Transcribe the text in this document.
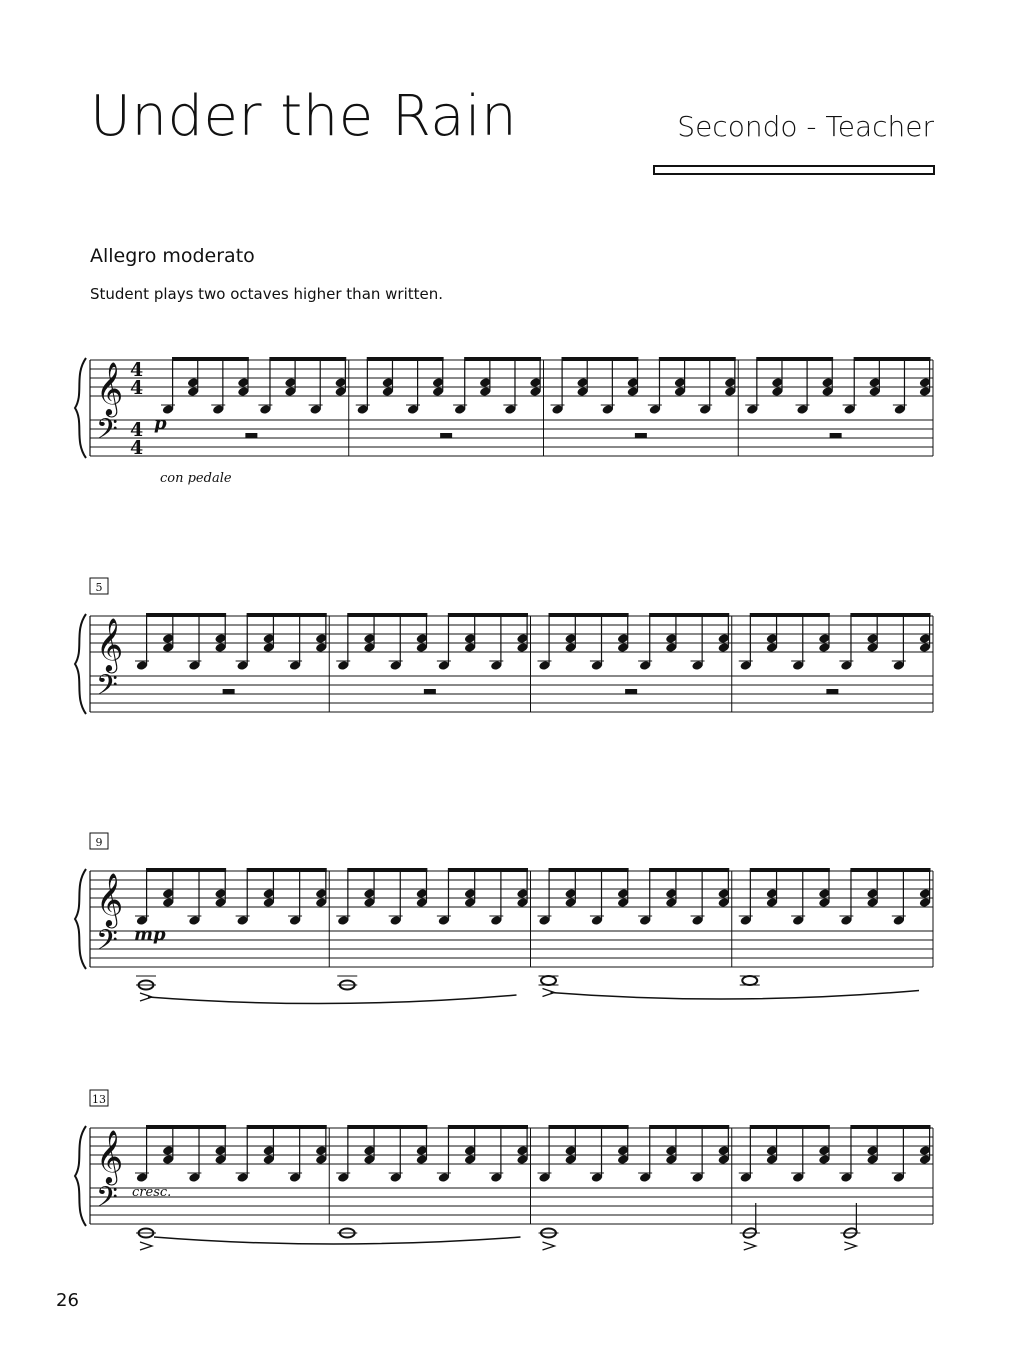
Under the Rain	Secondo - Teacher
Allegro moderato
Student plays two octaves higher than written.
𝄞
𝄢
4
4
4
4
p
con pedale
𝄞
𝄢
5
𝄞
𝄢
9
mp
𝄞
𝄢
13
cresc.
26
